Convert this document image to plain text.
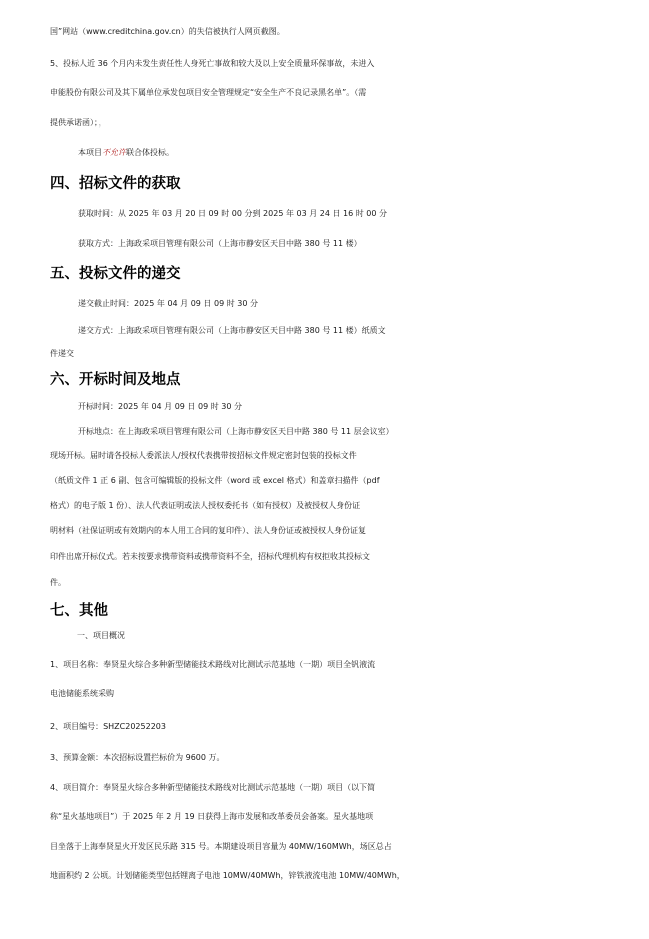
国”网站（www.creditchina.gov.cn）的失信被执行人网页截图。
5、投标人近 36 个月内未发生责任性人身死亡事故和较大及以上安全质量环保事故，未进入
申能股份有限公司及其下属单位承发包项目安全管理规定“安全生产不良记录黑名单”。（需
提供承诺函）；，
本项目不允许联合体投标。
四、招标文件的获取
获取时间：从 2025 年 03 月 20 日 09 时 00 分到 2025 年 03 月 24 日 16 时 00 分
获取方式：上海政采项目管理有限公司（上海市静安区天目中路 380 号 11 楼）
五、投标文件的递交
递交截止时间：2025 年 04 月 09 日 09 时 30 分
递交方式：上海政采项目管理有限公司（上海市静安区天目中路 380 号 11 楼）纸质文
件递交
六、开标时间及地点
开标时间：2025 年 04 月 09 日 09 时 30 分
开标地点：在上海政采项目管理有限公司（上海市静安区天目中路 380 号 11 层会议室）
现场开标。届时请各投标人委派法人/授权代表携带按招标文件规定密封包装的投标文件
（纸质文件 1 正 6 副、包含可编辑版的投标文件（word 或 excel 格式）和盖章扫描件（pdf
格式）的电子版 1 份）、法人代表证明或法人授权委托书（如有授权）及被授权人身份证
明材料（社保证明或有效期内的本人用工合同的复印件）、法人身份证或被授权人身份证复
印件出席开标仪式。若未按要求携带资料或携带资料不全，招标代理机构有权拒收其投标文
件。
七、其他
一、项目概况
1、项目名称：奉贤星火综合多种新型储能技术路线对比测试示范基地（一期）项目全钒液流
电池储能系统采购
2、项目编号：SHZC20252203
3、预算金额：本次招标设置拦标价为 9600 万。
4、项目简介：奉贤星火综合多种新型储能技术路线对比测试示范基地（一期）项目（以下简
称“星火基地项目”）于 2025 年 2 月 19 日获得上海市发展和改革委员会备案。星火基地项
目坐落于上海奉贤星火开发区民乐路 315 号。本期建设项目容量为 40MW/160MWh，场区总占
地面积约 2 公顷。计划储能类型包括锂离子电池 10MW/40MWh，锌铁液流电池 10MW/40MWh，
